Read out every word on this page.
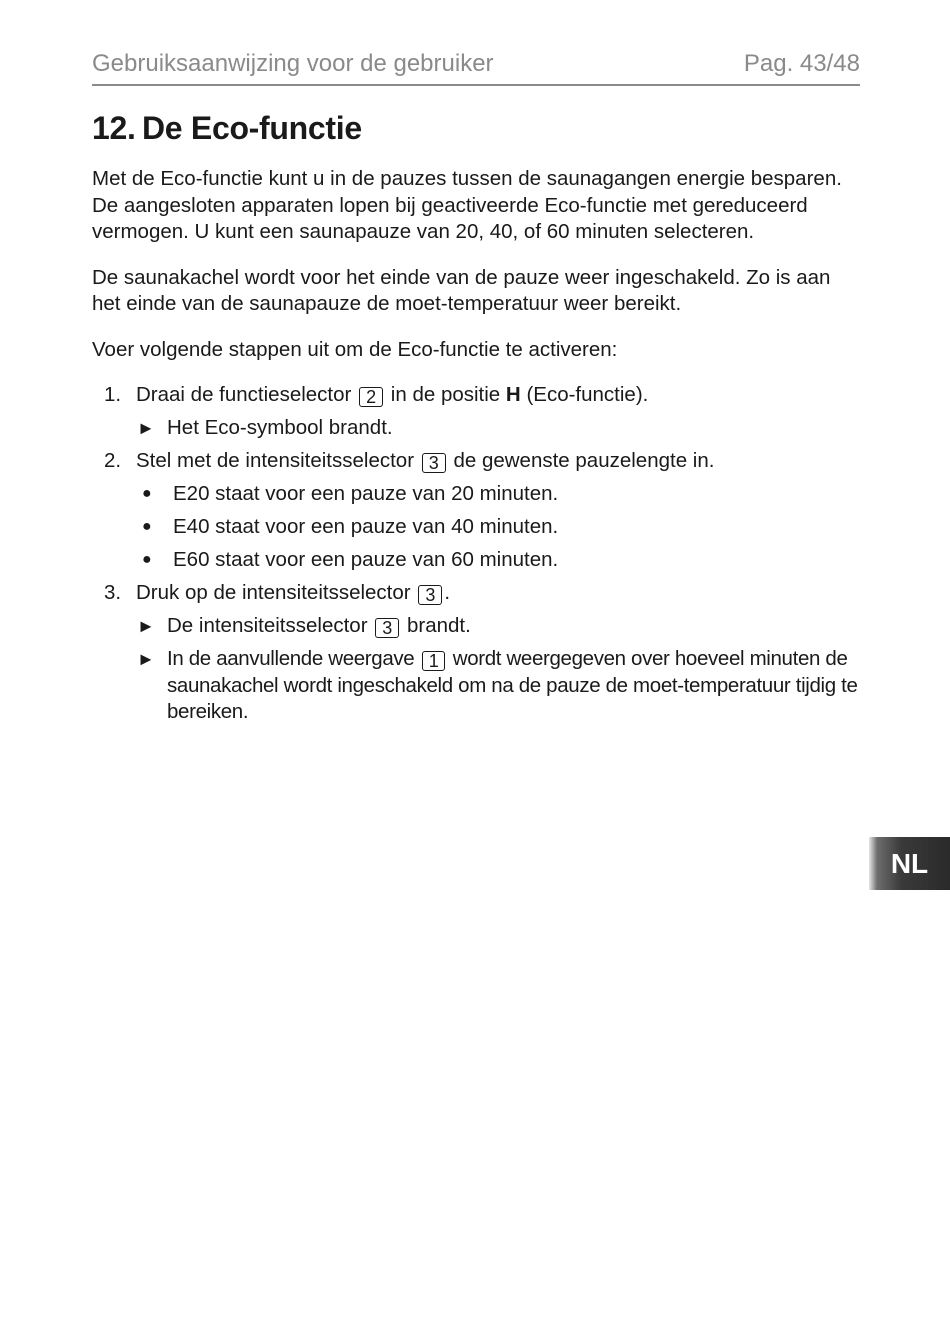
Gebruiksaanwijzing voor de gebruiker	Pag. 43/48
12. De Eco-functie

Met de Eco-functie kunt u in de pauzes tussen de saunagangen energie besparen. De aangesloten apparaten lopen bij geactiveerde Eco-functie met gereduceerd vermogen. U kunt een saunapauze van 20, 40, of 60 minuten selecteren.

De saunakachel wordt voor het einde van de pauze weer ingeschakeld. Zo is aan het einde van de saunapauze de moet-temperatuur weer bereikt.

Voer volgende stappen uit om de Eco-functie te activeren:

1. Draai de functieselector 2 in de positie H (Eco-functie).
► Het Eco-symbool brandt.
2. Stel met de intensiteitsselector 3 de gewenste pauzelengte in.
● E20 staat voor een pauze van 20 minuten.
● E40 staat voor een pauze van 40 minuten.
● E60 staat voor een pauze van 60 minuten.
3. Druk op de intensiteitsselector 3 .
► De intensiteitsselector 3 brandt.
► In de aanvullende weergave 1 wordt weergegeven over hoeveel minuten de saunakachel wordt ingeschakeld om na de pauze de moet-temperatuur tijdig te bereiken.
NL
